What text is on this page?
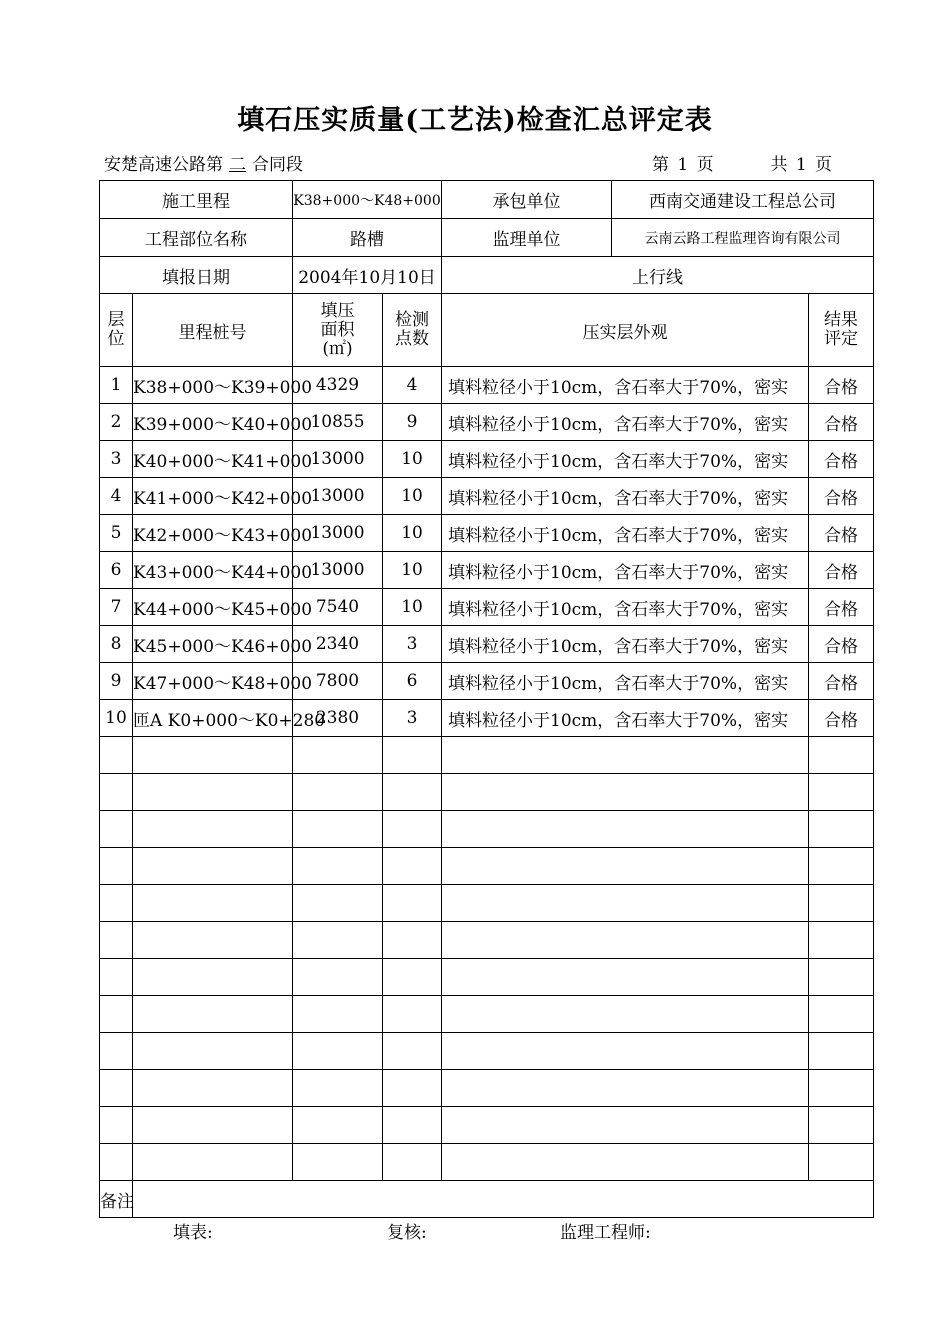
填石压实质量(工艺法)检查汇总评定表
安楚高速公路第 二 合同段	第 1 页	共 1 页
施工里程		K38+000～K48+000		承包单位 西南交通建设工程总公司	

工程部位名称		路槽		监理单位 云南云路工程监理咨询有限公司	

填报日期		2004年10月10日		上行线	
层
位	里程桩号	填压
面积
(㎡)	检测
点数	压实层外观	结果
评定
1	K38+000～K39+000	4329	4	填料粒径小于10cm，含石率大于70%，密实	合格
2	K39+000～K40+000	10855	9	填料粒径小于10cm，含石率大于70%，密实	合格
3	K40+000～K41+000	13000	10	填料粒径小于10cm，含石率大于70%，密实	合格
4	K41+000～K42+000	13000	10	填料粒径小于10cm，含石率大于70%，密实	合格
5	K42+000～K43+000	13000	10	填料粒径小于10cm，含石率大于70%，密实	合格
6	K43+000～K44+000	13000	10	填料粒径小于10cm，含石率大于70%，密实	合格
7	K44+000～K45+000	7540	10	填料粒径小于10cm，含石率大于70%，密实	合格
8	K45+000～K46+000	2340	3	填料粒径小于10cm，含石率大于70%，密实	合格
9	K47+000～K48+000	7800	6	填料粒径小于10cm，含石率大于70%，密实	合格
10	匝A K0+000～K0+280	2380	3	填料粒径小于10cm，含石率大于70%，密实	合格

备注					
填表:	复核:	监理工程师:
